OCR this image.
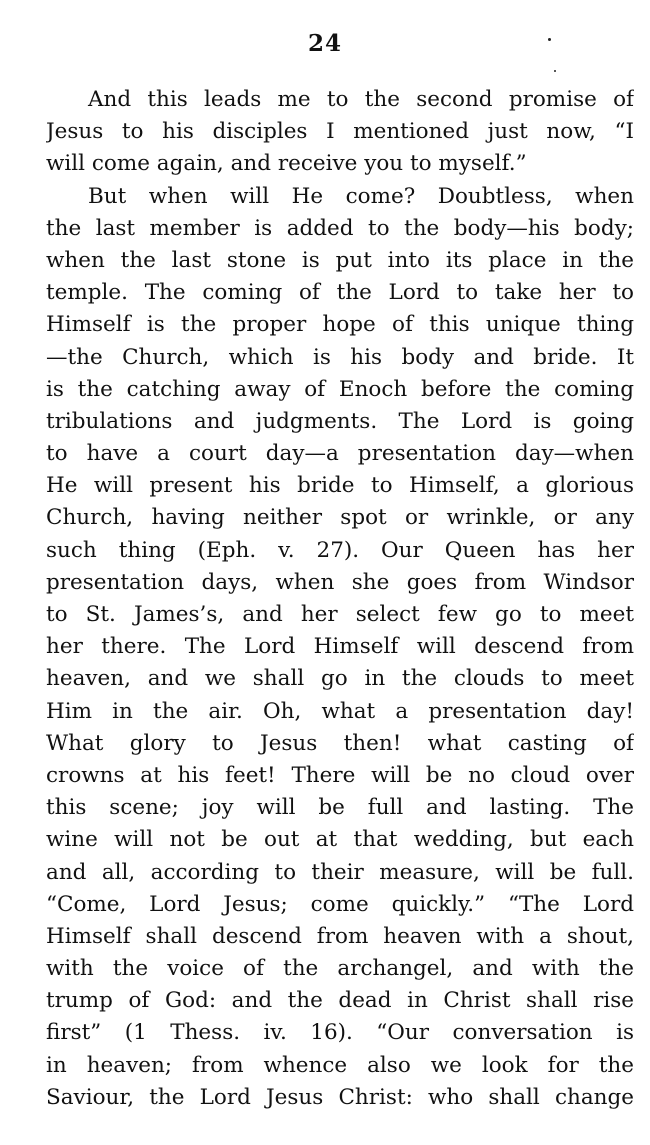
24
And this leads me to the second promise of
Jesus to his disciples I mentioned just now, “I
will come again, and receive you to myself.”
But when will He come? Doubtless, when
the last member is added to the body—his body;
when the last stone is put into its place in the
temple. The coming of the Lord to take her to
Himself is the proper hope of this unique thing
—the Church, which is his body and bride. It
is the catching away of Enoch before the coming
tribulations and judgments. The Lord is going
to have a court day—a presentation day—when
He will present his bride to Himself, a glorious
Church, having neither spot or wrinkle, or any
such thing (Eph. v. 27). Our Queen has her
presentation days, when she goes from Windsor
to St. James’s, and her select few go to meet
her there. The Lord Himself will descend from
heaven, and we shall go in the clouds to meet
Him in the air. Oh, what a presentation day!
What glory to Jesus then! what casting of
crowns at his feet! There will be no cloud over
this scene; joy will be full and lasting. The
wine will not be out at that wedding, but each
and all, according to their measure, will be full.
“Come, Lord Jesus; come quickly.” “The Lord
Himself shall descend from heaven with a shout,
with the voice of the archangel, and with the
trump of God: and the dead in Christ shall rise
first” (1 Thess. iv. 16). “Our conversation is
in heaven; from whence also we look for the
Saviour, the Lord Jesus Christ: who shall change
